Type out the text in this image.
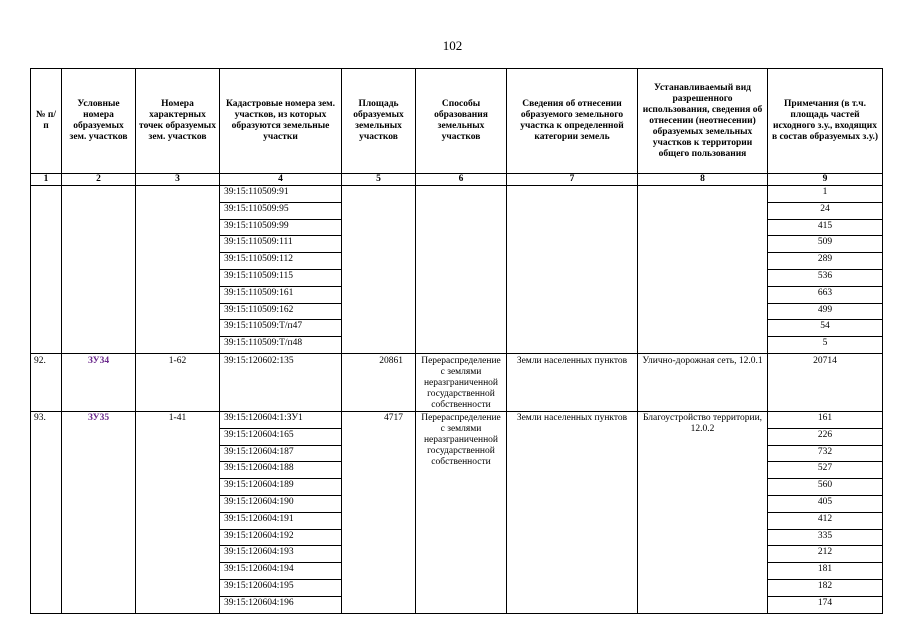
102
№ п/п	Условные номера образуемых зем. участков	Номера характерных точек образуемых зем. участков	Кадастровые номера зем. участков, из которых образуются земельные участки	Площадь образуемых земельных участков	Способы образования земельных участков	Сведения об отнесении образуемого земельного участка к определенной категории земель	Устанавливаемый вид разрешенного использования, сведения об отнесении (неотнесении) образуемых земельных участков к территории общего пользования	Примечания (в т.ч. площадь частей исходного з.у., входящих в состав образуемых з.у.)
1	2	3	4	5	6	7	8	9
			39:15:110509:91					1
			39:15:110509:95					24
			39:15:110509:99					415
			39:15:110509:111					509
			39:15:110509:112					289
			39:15:110509:115					536
			39:15:110509:161					663
			39:15:110509:162					499
			39:15:110509:Т/п47					54
			39:15:110509:Т/п48					5
92.	ЗУ34	1-62	39:15:120602:135	20861	Перераспределение с землями неразграниченной государственной собственности	Земли населенных пунктов	Улично-дорожная сеть, 12.0.1	20714
93.	ЗУ35	1-41	39:15:120604:1:ЗУ1	4717	Перераспределение с землями неразграниченной государственной собственности	Земли населенных пунктов	Благоустройство территории, 12.0.2	161
			39:15:120604:165					226
			39:15:120604:187					732
			39:15:120604:188					527
			39:15:120604:189					560
			39:15:120604:190					405
			39:15:120604:191					412
			39:15:120604:192					335
			39:15:120604:193					212
			39:15:120604:194					181
			39:15:120604:195					182
			39:15:120604:196					174
